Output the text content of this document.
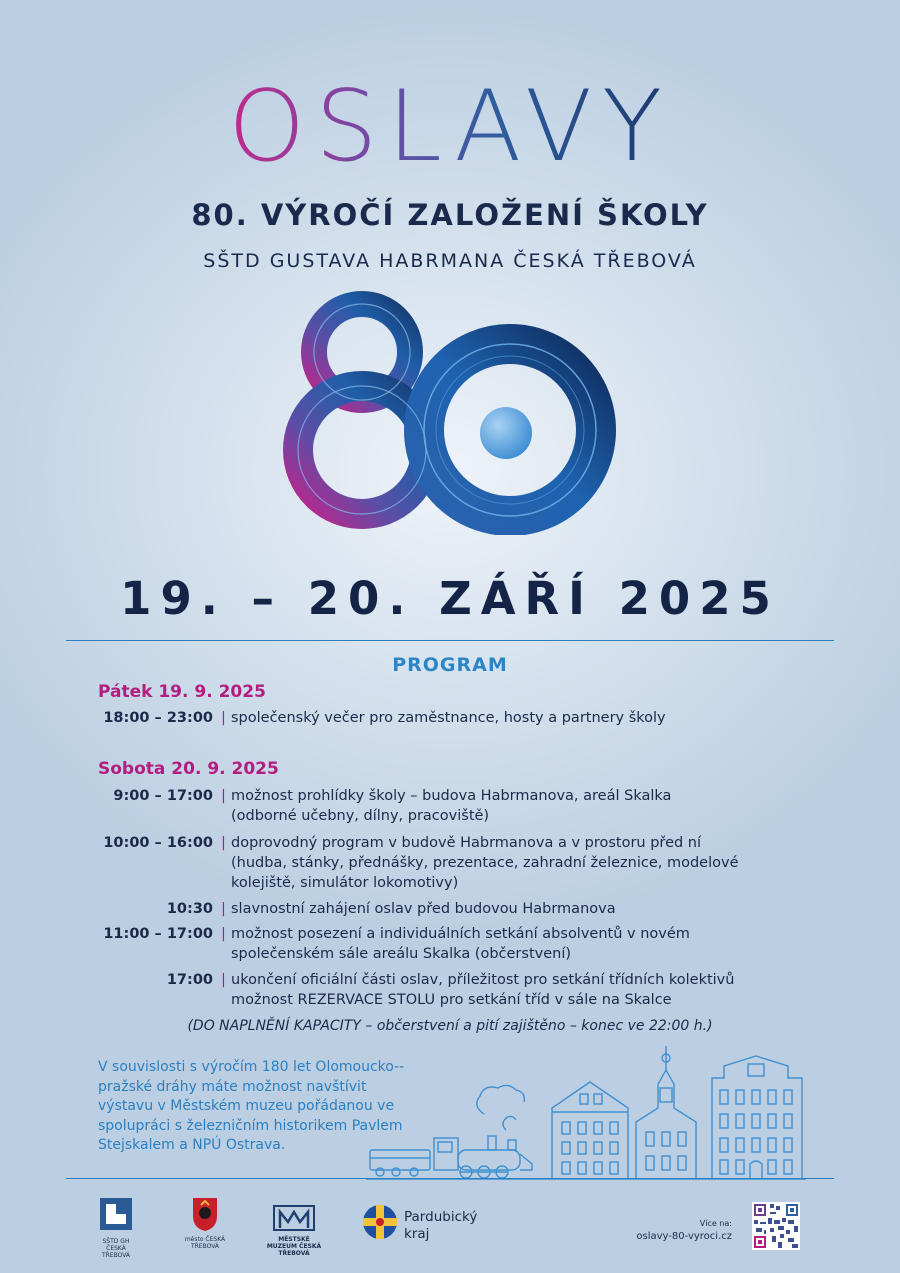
OSLAVY
80. VÝROČÍ ZALOŽENÍ ŠKOLY
SŠTD GUSTAVA HABRMANA ČESKÁ TŘEBOVÁ
19. – 20. ZÁŘÍ 2025
PROGRAM
Pátek 19. 9. 2025
18:00 – 23:00 | společenský večer pro zaměstnance, hosty a partnery školy
Sobota 20. 9. 2025
9:00 – 17:00 | možnost prohlídky školy – budova Habrmanova, areál Skalka (odborné učebny, dílny, pracoviště)
10:00 – 16:00 | doprovodný program v budově Habrmanova a v prostoru před ní (hudba, stánky, přednášky, prezentace, zahradní železnice, modelové kolejiště, simulátor lokomotivy)
10:30 | slavnostní zahájení oslav před budovou Habrmanova
11:00 – 17:00 | možnost posezení a individuálních setkání absolventů v novém společenském sále areálu Skalka (občerstvení)
17:00 | ukončení oficiální části oslav, příležitost pro setkání třídních kolektivů možnost REZERVACE STOLU pro setkání tříd v sále na Skalce
(DO NAPLNĚNÍ KAPACITY – občerstvení a pití zajištěno – konec ve 22:00 h.)
V souvislosti s výročím 180 let Olomoucko--pražské dráhy máte možnost navštívit výstavu v Městském muzeu pořádanou ve spolupráci s železničním historikem Pavlem Stejskalem a NPÚ Ostrava.
SŠTD GH ČESKÁ TŘEBOVÁ
město ČESKÁ TŘEBOVÁ
MĚSTSKÉ MUZEUM ČESKÁ TŘEBOVÁ
Pardubický kraj
Více na:
oslavy-80-vyroci.cz
